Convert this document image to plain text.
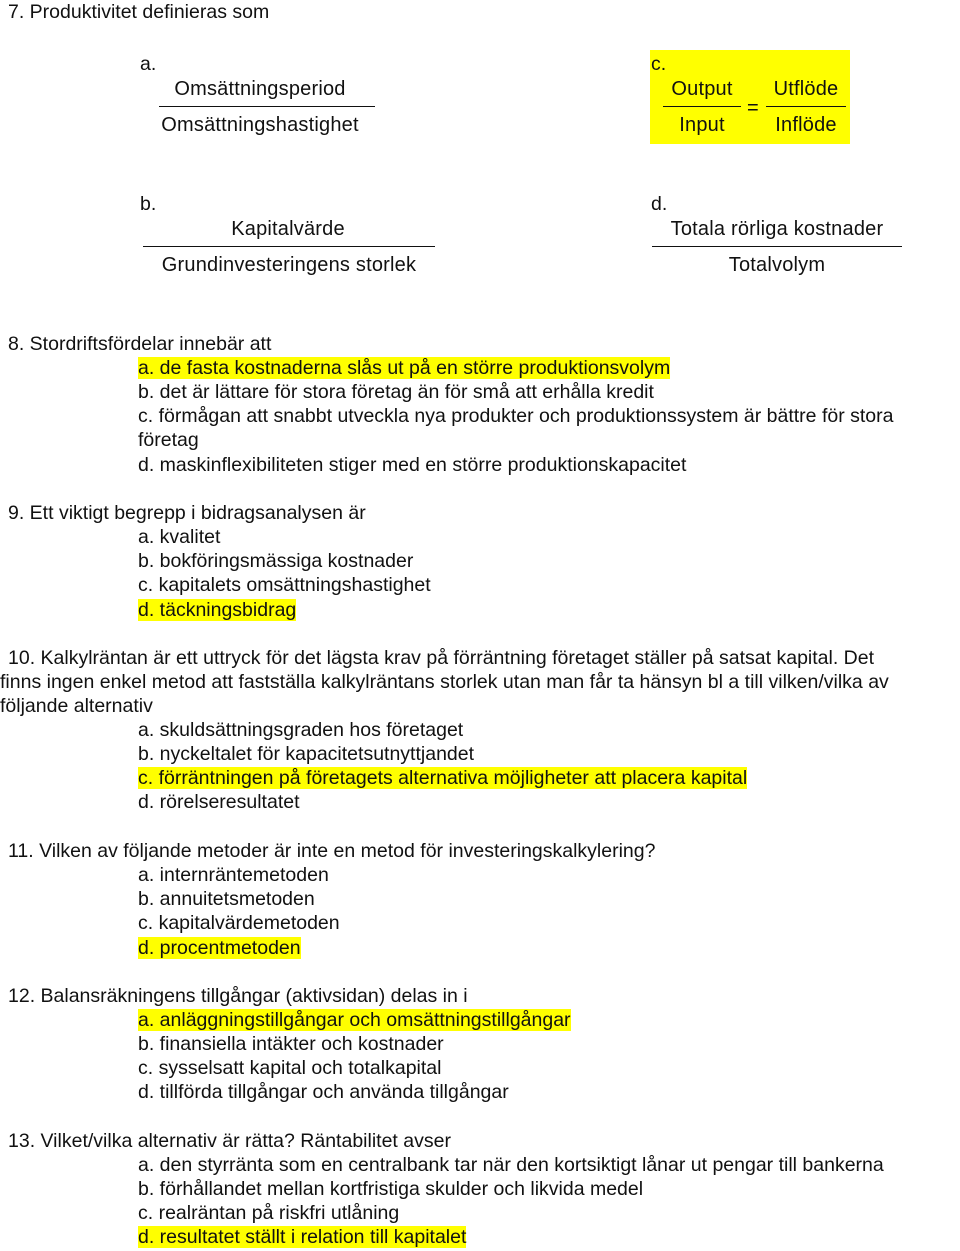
7. Produktivitet definieras som
a.
Omsättningsperiod
Omsättningshastighet
c.
Output
Input
=
Utflöde
Inflöde
b.
Kapitalvärde
Grundinvesteringens storlek
d.
Totala rörliga kostnader
Totalvolym
8. Stordriftsfördelar innebär att
a. de fasta kostnaderna slås ut på en större produktionsvolym
b. det är lättare för stora företag än för små att erhålla kredit
c. förmågan att snabbt utveckla nya produkter och produktionssystem är bättre för stora
företag
d. maskinflexibiliteten stiger med en större produktionskapacitet
9. Ett viktigt begrepp i bidragsanalysen är
a. kvalitet
b. bokföringsmässiga kostnader
c. kapitalets omsättningshastighet
d. täckningsbidrag
10. Kalkylräntan är ett uttryck för det lägsta krav på förräntning företaget ställer på satsat kapital. Det
finns ingen enkel metod att fastställa kalkylräntans storlek utan man får ta hänsyn bl a till vilken/vilka av
följande alternativ
a. skuldsättningsgraden hos företaget
b. nyckeltalet för kapacitetsutnyttjandet
c. förräntningen på företagets alternativa möjligheter att placera kapital
d. rörelseresultatet
11. Vilken av följande metoder är inte en metod för investeringskalkylering?
a. internräntemetoden
b. annuitetsmetoden
c. kapitalvärdemetoden
d. procentmetoden
12. Balansräkningens tillgångar (aktivsidan) delas in i
a. anläggningstillgångar och omsättningstillgångar
b. finansiella intäkter och kostnader
c. sysselsatt kapital och totalkapital
d. tillförda tillgångar och använda tillgångar
13. Vilket/vilka alternativ är rätta? Räntabilitet avser
a. den styrränta som en centralbank tar när den kortsiktigt lånar ut pengar till bankerna
b. förhållandet mellan kortfristiga skulder och likvida medel
c. realräntan på riskfri utlåning
d. resultatet ställt i relation till kapitalet
